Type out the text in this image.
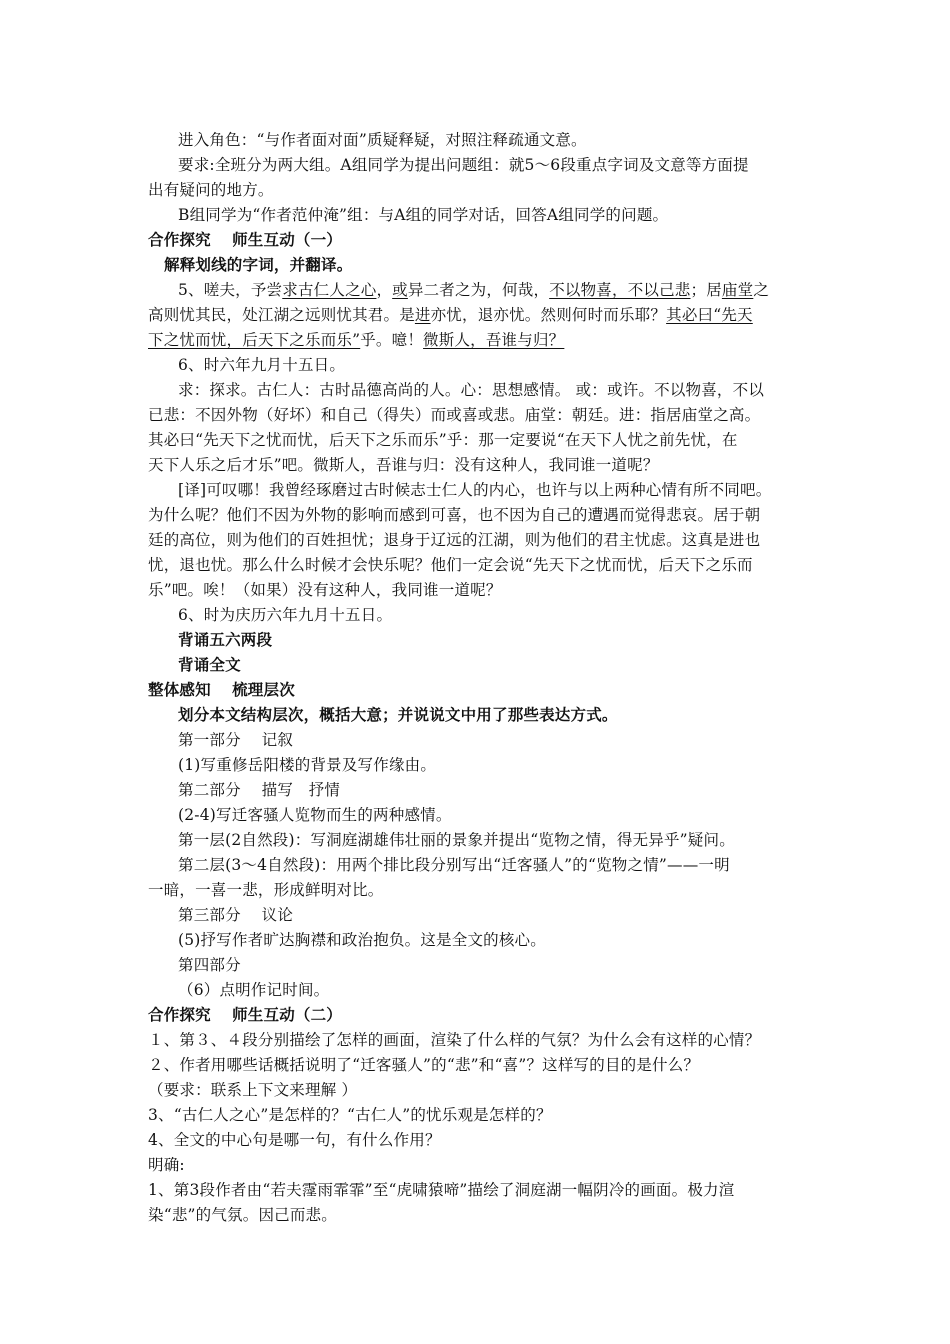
进入角色：“与作者面对面”质疑释疑，对照注释疏通文意。
要求:全班分为两大组。A组同学为提出问题组：就5～6段重点字词及文意等方面提
出有疑问的地方。
B组同学为“作者范仲淹”组：与A组的同学对话，回答A组同学的问题。
合作探究　 师生互动（一）
解释划线的字词，并翻译。
5、嗟夫，予尝求古仁人之心，或异二者之为，何哉，不以物喜，不以己悲；居庙堂之
高则忧其民，处江湖之远则忧其君。是进亦忧，退亦忧。然则何时而乐耶？其必曰“先天
下之忧而忧，后天下之乐而乐”乎。噫！微斯人，吾谁与归？
6、时六年九月十五日。
求：探求。古仁人：古时品德高尚的人。心：思想感情。 或：或许。不以物喜，不以
已悲：不因外物（好坏）和自己（得失）而或喜或悲。庙堂：朝廷。进：指居庙堂之高。
其必曰“先天下之忧而忧，后天下之乐而乐”乎：那一定要说“在天下人忧之前先忧，在
天下人乐之后才乐”吧。微斯人，吾谁与归：没有这种人，我同谁一道呢？
[译]可叹哪！我曾经琢磨过古时候志士仁人的内心，也许与以上两种心情有所不同吧。
为什么呢？他们不因为外物的影响而感到可喜，也不因为自己的遭遇而觉得悲哀。居于朝
廷的高位，则为他们的百姓担忧；退身于辽远的江湖，则为他们的君主忧虑。这真是进也
忧，退也忧。那么什么时候才会快乐呢？他们一定会说“先天下之忧而忧，后天下之乐而
乐”吧。唉！（如果）没有这种人，我同谁一道呢？
6、时为庆历六年九月十五日。
背诵五六两段
背诵全文
整体感知　 梳理层次
划分本文结构层次，概括大意；并说说文中用了那些表达方式。
第一部分　 记叙
(1)写重修岳阳楼的背景及写作缘由。
第二部分　 描写　抒情
(2-4)写迁客骚人览物而生的两种感情。
第一层(2自然段)：写洞庭湖雄伟壮丽的景象并提出“览物之情，得无异乎”疑问。
第二层(3～4自然段)：用两个排比段分别写出“迁客骚人”的“览物之情”——一明
一暗，一喜一悲，形成鲜明对比。
第三部分　 议论
(5)抒写作者旷达胸襟和政治抱负。这是全文的核心。
第四部分
（6）点明作记时间。
合作探究　 师生互动（二）
１、第３、４段分别描绘了怎样的画面，渲染了什么样的气氛？为什么会有这样的心情？
２、作者用哪些话概括说明了“迁客骚人”的“悲”和“喜”？这样写的目的是什么？
（要求：联系上下文来理解 ）
3、“古仁人之心”是怎样的？“古仁人”的忧乐观是怎样的？
4、全文的中心句是哪一句，有什么作用？
明确:
1、第3段作者由“若夫霪雨霏霏”至“虎啸猿啼”描绘了洞庭湖一幅阴冷的画面。极力渲
染“悲”的气氛。因己而悲。
